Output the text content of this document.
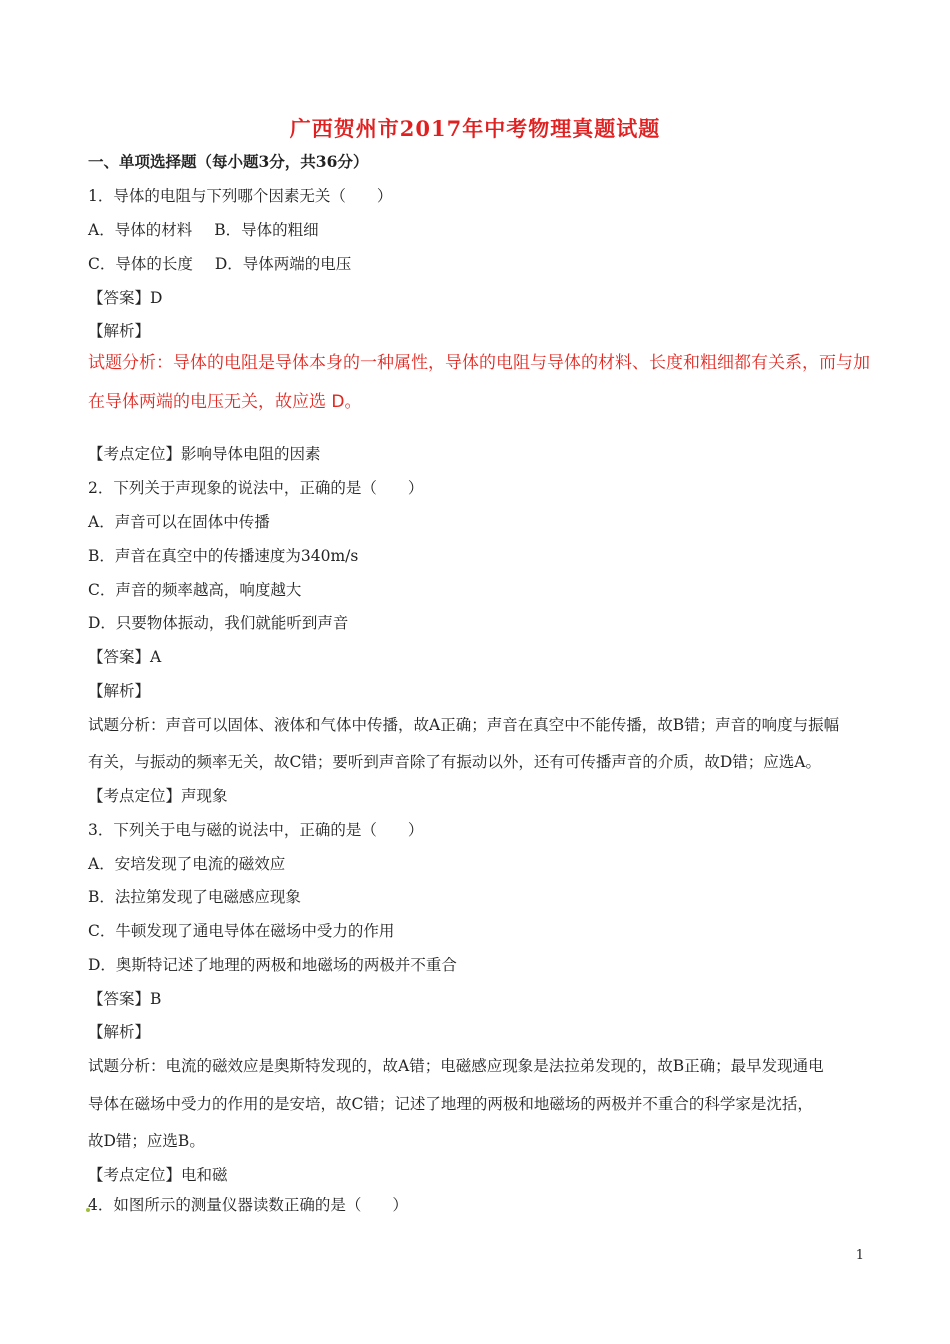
广西贺州市2017年中考物理真题试题
一、单项选择题（每小题3分，共36分）
1．导体的电阻与下列哪个因素无关（　　）
A．导体的材料 B．导体的粗细
C．导体的长度 D．导体两端的电压
【答案】D
【解析】
试题分析：导体的电阻是导体本身的一种属性，导体的电阻与导体的材料、长度和粗细都有关系，而与加
在导体两端的电压无关，故应选 D。
【考点定位】影响导体电阻的因素
2．下列关于声现象的说法中，正确的是（　　）
A．声音可以在固体中传播
B．声音在真空中的传播速度为340m/s
C．声音的频率越高，响度越大
D．只要物体振动，我们就能听到声音
【答案】A
【解析】
试题分析：声音可以固体、液体和气体中传播，故A正确；声音在真空中不能传播，故B错；声音的响度与振幅
有关，与振动的频率无关，故C错；要听到声音除了有振动以外，还有可传播声音的介质，故D错；应选A。
【考点定位】声现象
3．下列关于电与磁的说法中，正确的是（　　）
A．安培发现了电流的磁效应
B．法拉第发现了电磁感应现象
C．牛顿发现了通电导体在磁场中受力的作用
D．奥斯特记述了地理的两极和地磁场的两极并不重合
【答案】B
【解析】
试题分析：电流的磁效应是奥斯特发现的，故A错；电磁感应现象是法拉弟发现的，故B正确；最早发现通电
导体在磁场中受力的作用的是安培，故C错；记述了地理的两极和地磁场的两极并不重合的科学家是沈括，
故D错；应选B。
【考点定位】电和磁
4．如图所示的测量仪器读数正确的是（　　）
1
